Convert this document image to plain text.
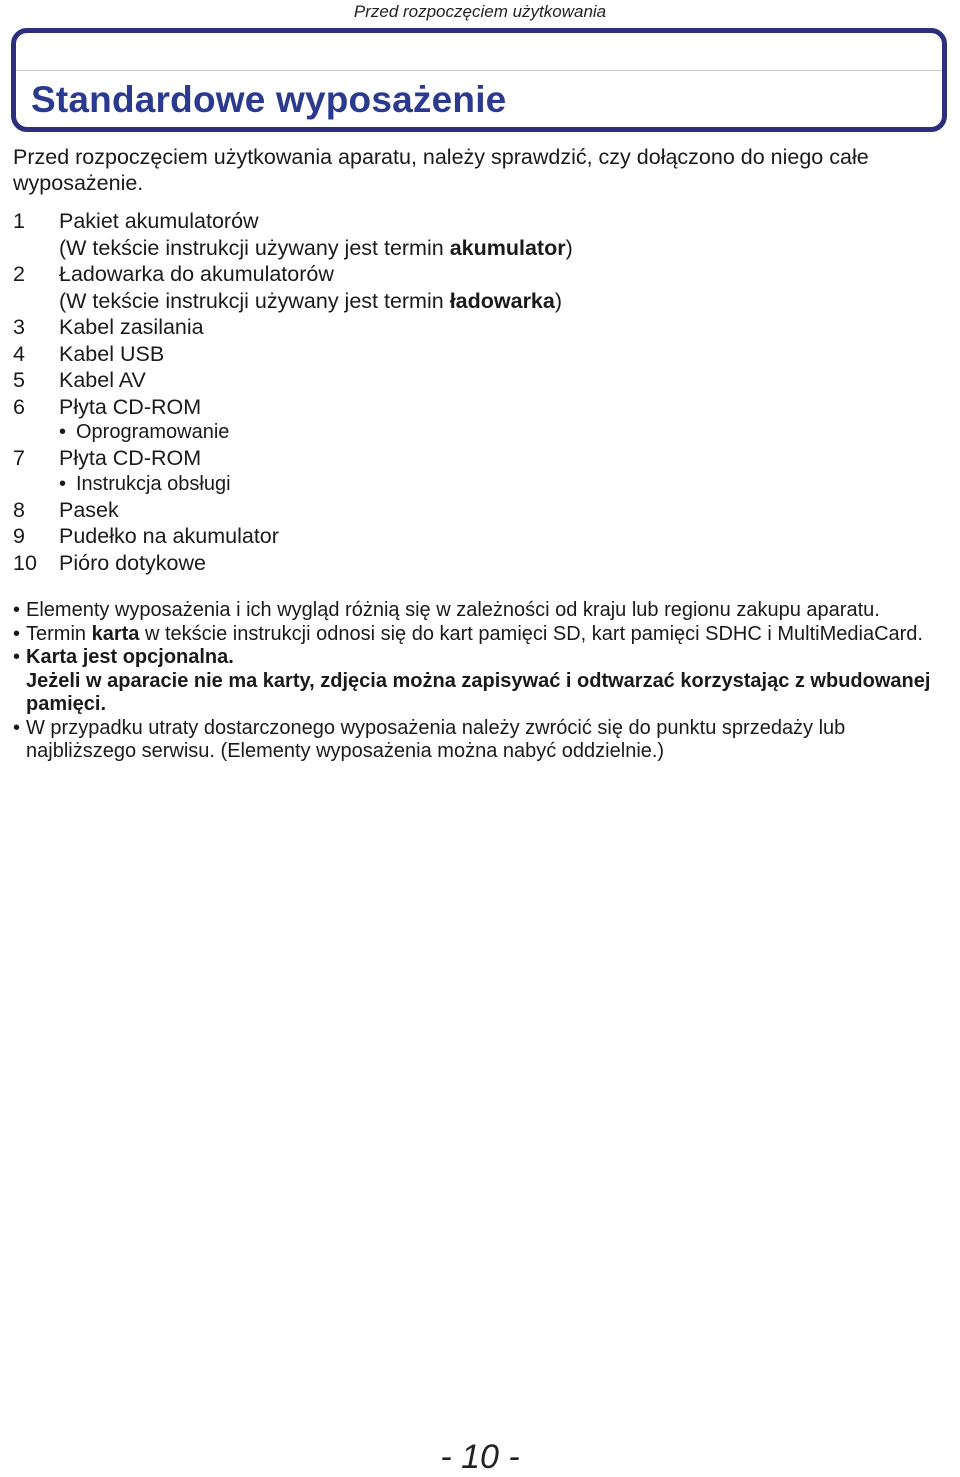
Przed rozpoczęciem użytkowania
Standardowe wyposażenie

Przed rozpoczęciem użytkowania aparatu, należy sprawdzić, czy dołączono do niego całe wyposażenie.

1	Pakiet akumulatorów
(W tekście instrukcji używany jest termin akumulator)
2	Ładowarka do akumulatorów
(W tekście instrukcji używany jest termin ładowarka)
3	Kabel zasilania
4	Kabel USB
5	Kabel AV
6	Płyta CD-ROM
• Oprogramowanie
7	Płyta CD-ROM
• Instrukcja obsługi
8	Pasek
9	Pudełko na akumulator
10	Pióro dotykowe
• Elementy wyposażenia i ich wygląd różnią się w zależności od kraju lub regionu zakupu aparatu.
• Termin karta w tekście instrukcji odnosi się do kart pamięci SD, kart pamięci SDHC i MultiMediaCard.
• Karta jest opcjonalna.
Jeżeli w aparacie nie ma karty, zdjęcia można zapisywać i odtwarzać korzystając z wbudowanej pamięci.
• W przypadku utraty dostarczonego wyposażenia należy zwrócić się do punktu sprzedaży lub najbliższego serwisu. (Elementy wyposażenia można nabyć oddzielnie.)
- 10 -
